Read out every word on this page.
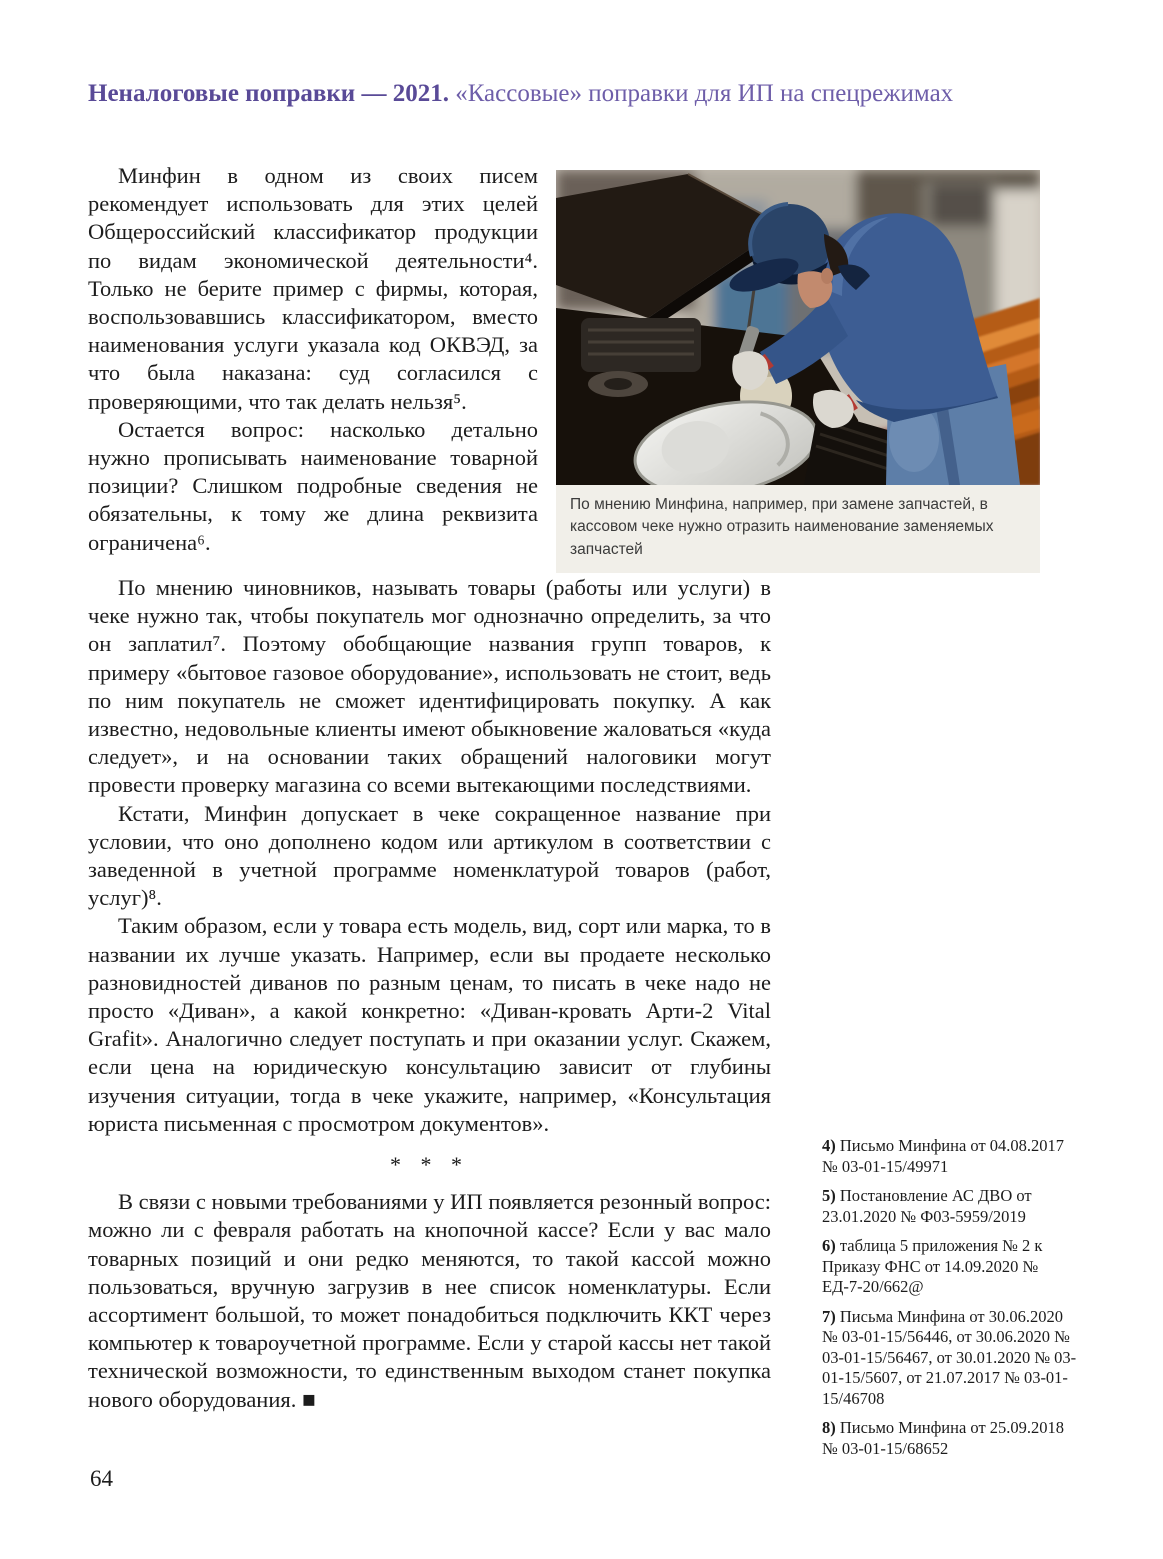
Неналоговые поправки — 2021. «Кассовые» поправки для ИП на спецрежимах

Минфин в одном из своих писем рекомендует использовать для этих целей Общероссийский классификатор продукции по видам экономической деятельности⁴. Только не берите пример с фирмы, которая, воспользовавшись классификатором, вместо наименования услуги указала код ОКВЭД, за что была наказана: суд согласился с проверяющими, что так делать нельзя⁵.

Остается вопрос: насколько детально нужно прописывать наименование товарной позиции? Слишком подробные сведения не обязательны, к тому же длина реквизита ограничена⁶.

По мнению Минфина, например, при замене запчастей, в кассовом чеке нужно отразить наименование заменяемых запчастей

По мнению чиновников, называть товары (работы или услуги) в чеке нужно так, чтобы покупатель мог однозначно определить, за что он заплатил⁷. Поэтому обобщающие названия групп товаров, к примеру «бытовое газовое оборудование», использовать не стоит, ведь по ним покупатель не сможет идентифицировать покупку. А как известно, недовольные клиенты имеют обыкновение жаловаться «куда следует», и на основании таких обращений налоговики могут провести проверку магазина со всеми вытекающими последствиями.

Кстати, Минфин допускает в чеке сокращенное название при условии, что оно дополнено кодом или артикулом в соответствии с заведенной в учетной программе номенклатурой товаров (работ, услуг)⁸.

Таким образом, если у товара есть модель, вид, сорт или марка, то в названии их лучше указать. Например, если вы продаете несколько разновидностей диванов по разным ценам, то писать в чеке надо не просто «Диван», а какой конкретно: «Диван-кровать Арти-2 Vital Grafit». Аналогично следует поступать и при оказании услуг. Скажем, если цена на юридическую консультацию зависит от глубины изучения ситуации, тогда в чеке укажите, например, «Консультация юриста письменная с просмотром документов».

* * *

В связи с новыми требованиями у ИП появляется резонный вопрос: можно ли с февраля работать на кнопочной кассе? Если у вас мало товарных позиций и они редко меняются, то такой кассой можно пользоваться, вручную загрузив в нее список номенклатуры. Если ассортимент большой, то может понадобиться подключить ККТ через компьютер к товароучетной программе. Если у старой кассы нет такой технической возможности, то единственным выходом станет покупка нового оборудования. ■

4) Письмо Минфина от 04.08.2017 № 03-01-15/49971
5) Постановление АС ДВО от 23.01.2020 № Ф03-5959/2019
6) таблица 5 приложения № 2 к Приказу ФНС от 14.09.2020 № ЕД-7-20/662@
7) Письма Минфина от 30.06.2020 № 03-01-15/56446, от 30.06.2020 № 03-01-15/56467, от 30.01.2020 № 03-01-15/5607, от 21.07.2017 № 03-01-15/46708
8) Письмо Минфина от 25.09.2018 № 03-01-15/68652
64
